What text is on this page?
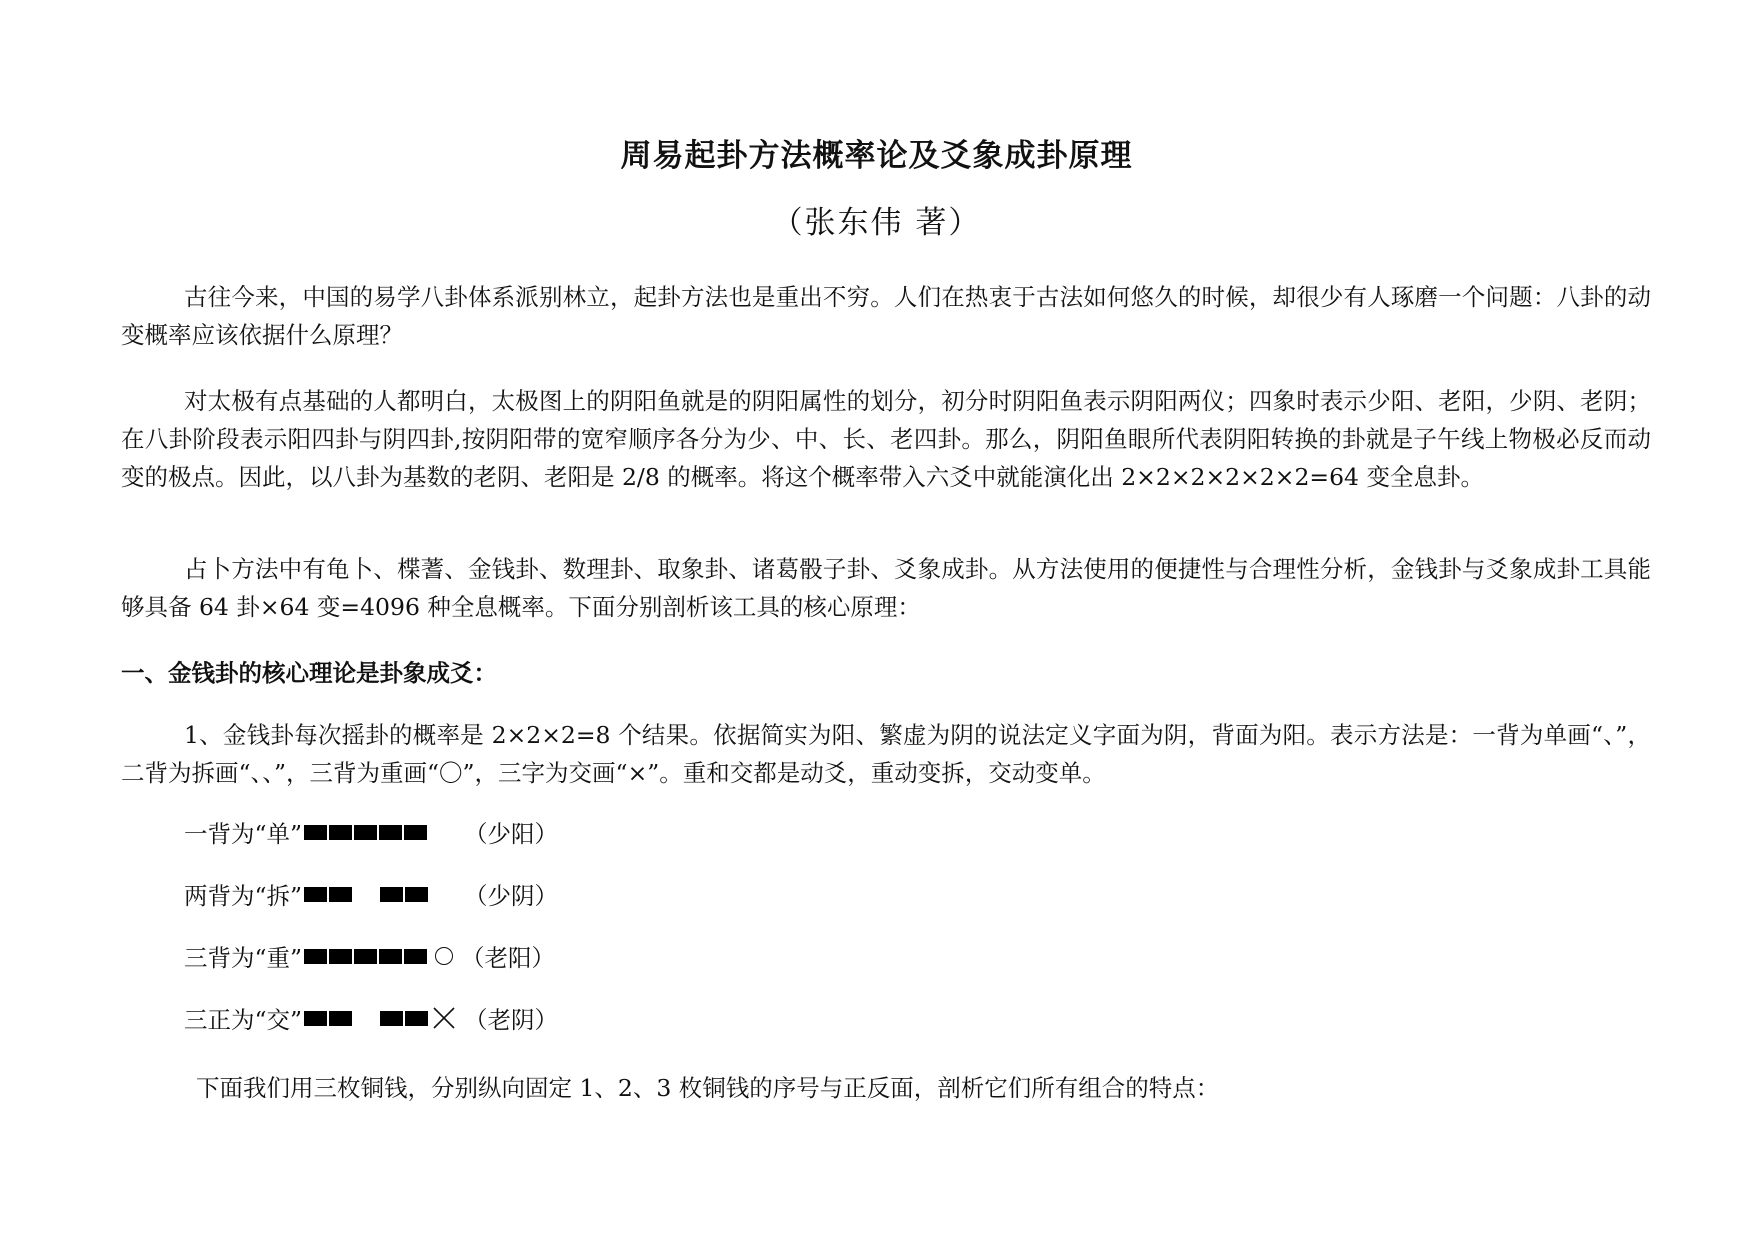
周易起卦方法概率论及爻象成卦原理
（张东伟 著）
古往今来，中国的易学八卦体系派别林立，起卦方法也是重出不穷。人们在热衷于古法如何悠久的时候，却很少有人琢磨一个问题：八卦的动变概率应该依据什么原理？
对太极有点基础的人都明白，太极图上的阴阳鱼就是的阴阳属性的划分，初分时阴阳鱼表示阴阳两仪；四象时表示少阳、老阳，少阴、老阴；在八卦阶段表示阳四卦与阴四卦,按阴阳带的宽窄顺序各分为少、中、长、老四卦。那么，阴阳鱼眼所代表阴阳转换的卦就是子午线上物极必反而动变的极点。因此，以八卦为基数的老阴、老阳是 2/8 的概率。将这个概率带入六爻中就能演化出 2×2×2×2×2×2=64 变全息卦。
占卜方法中有龟卜、楪蓍、金钱卦、数理卦、取象卦、诸葛骰子卦、爻象成卦。从方法使用的便捷性与合理性分析，金钱卦与爻象成卦工具能够具备 64 卦×64 变=4096 种全息概率。下面分别剖析该工具的核心原理：
一、金钱卦的核心理论是卦象成爻：
1、金钱卦每次摇卦的概率是 2×2×2=8 个结果。依据简实为阳、繁虚为阴的说法定义字面为阴，背面为阳。表示方法是：一背为单画“、”，二背为拆画“、、”，三背为重画“〇”，三字为交画“×”。重和交都是动爻，重动变拆，交动变单。
一背为“单”	（少阳）
两背为“拆”	（少阴）
三背为“重”	（老阳）
三正为“交”	（老阴）
下面我们用三枚铜钱，分别纵向固定 1、2、3 枚铜钱的序号与正反面，剖析它们所有组合的特点：
